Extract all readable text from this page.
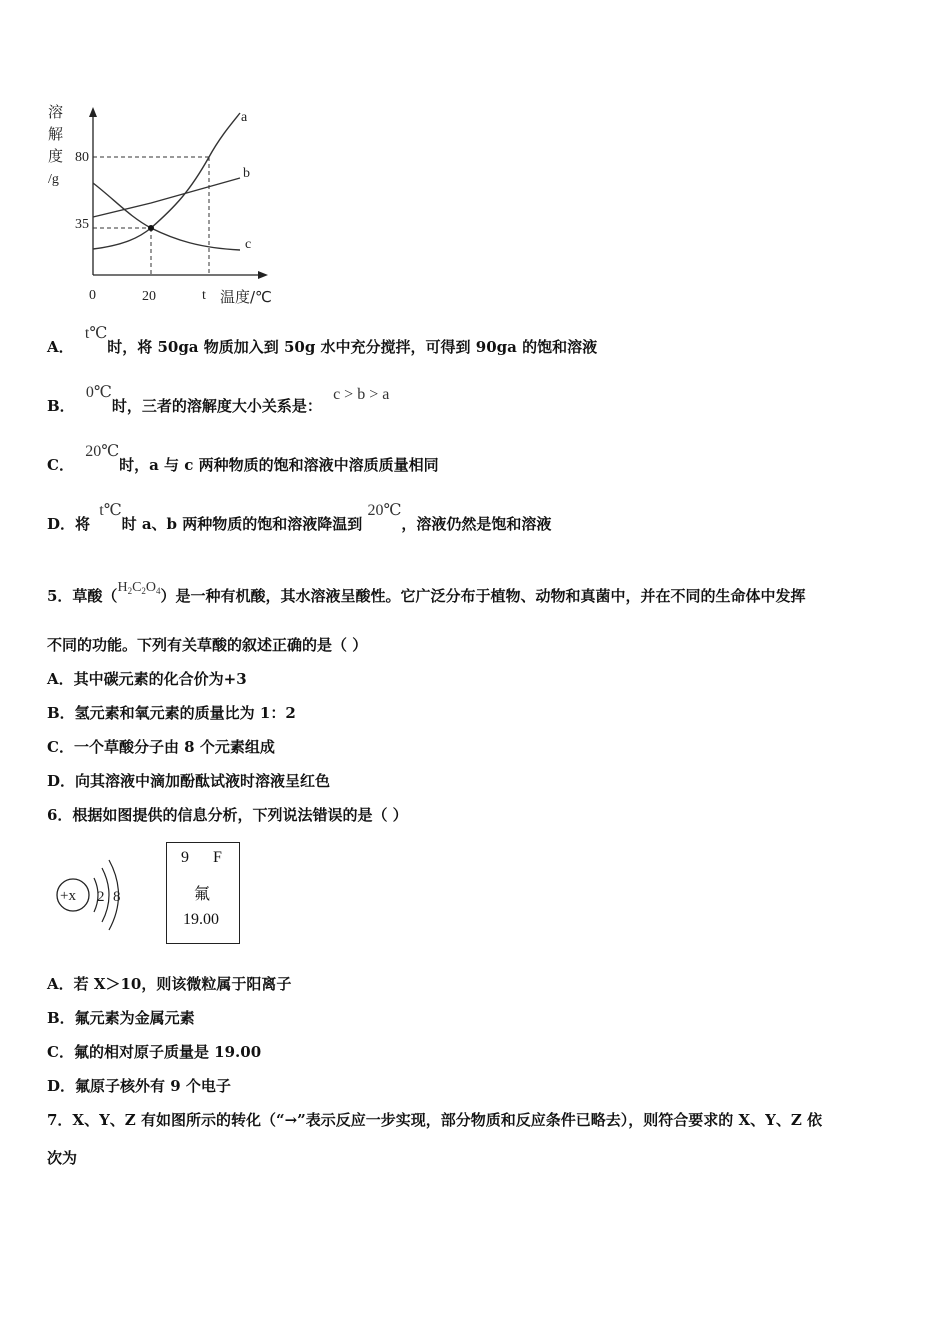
溶
解
度
/g
80
35
a
b
c
0	20	t 温度/℃
A． t℃时，将 50ga 物质加入到 50g 水中充分搅拌，可得到 90ga 的饱和溶液
B． 0℃时，三者的溶解度大小关系是： c > b > a
C． 20℃时，a 与 c 两种物质的饱和溶液中溶质质量相同
D．将 t℃时 a、b 两种物质的饱和溶液降温到 20℃，溶液仍然是饱和溶液
5．草酸$(H_2C_2O_4)$是一种有机酸，其水溶液呈酸性。它广泛分布于植物、动物和真菌中，并在不同的生命体中发挥
不同的功能。下列有关草酸的叙述正确的是（ ）
A．其中碳元素的化合价为+3
B．氢元素和氧元素的质量比为 1：2
C．一个草酸分子由 8 个元素组成
D．向其溶液中滴加酚酞试液时溶液呈红色
6．根据如图提供的信息分析，下列说法错误的是（ ）
+x 2 8
9 F
氟
19.00
A．若 X＞10，则该微粒属于阳离子
B．氟元素为金属元素
C．氟的相对原子质量是 19.00
D．氟原子核外有 9 个电子
7．X、Y、Z 有如图所示的转化（“→”表示反应一步实现，部分物质和反应条件已略去），则符合要求的 X、Y、Z 依
次为
